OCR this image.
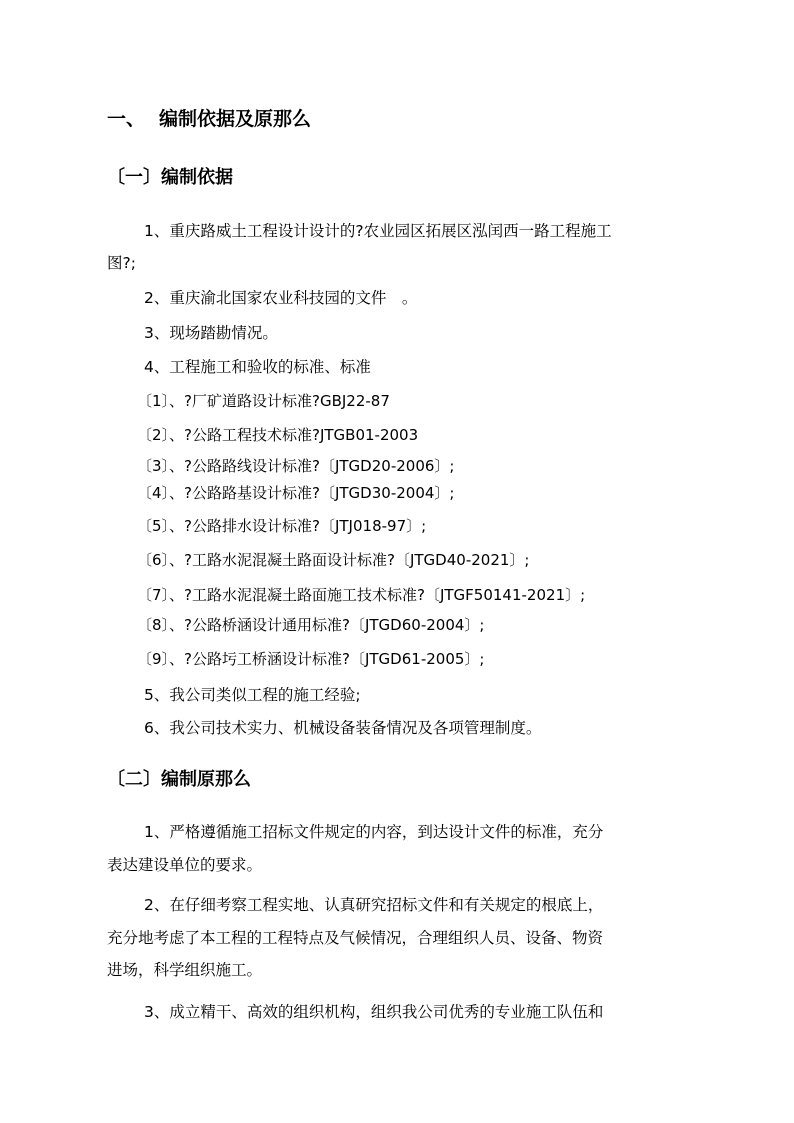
一、 编制依据及原那么
〔一〕编制依据
1、重庆路威土工程设计设计的?农业园区拓展区泓闰西一路工程施工
图?;
2、重庆渝北国家农业科技园的文件　。
3、现场踏勘情况。
4、工程施工和验收的标准、标准
〔1〕、?厂矿道路设计标准?GBJ22-87
〔2〕、?公路工程技术标准?JTGB01-2003
〔3〕、?公路路线设计标准?〔JTGD20-2006〕;
〔4〕、?公路路基设计标准?〔JTGD30-2004〕;
〔5〕、?公路排水设计标准?〔JTJ018-97〕;
〔6〕、?工路水泥混凝土路面设计标准?〔JTGD40-2021〕;
〔7〕、?工路水泥混凝土路面施工技术标准?〔JTGF50141-2021〕;
〔8〕、?公路桥涵设计通用标准?〔JTGD60-2004〕;
〔9〕、?公路圬工桥涵设计标准?〔JTGD61-2005〕;
5、我公司类似工程的施工经验;
6、我公司技术实力、机械设备装备情况及各项管理制度。
〔二〕编制原那么
1、严格遵循施工招标文件规定的内容，到达设计文件的标准，充分
表达建设单位的要求。
2、在仔细考察工程实地、认真研究招标文件和有关规定的根底上，
充分地考虑了本工程的工程特点及气候情况，合理组织人员、设备、物资
进场，科学组织施工。
3、成立精干、高效的组织机构，组织我公司优秀的专业施工队伍和
